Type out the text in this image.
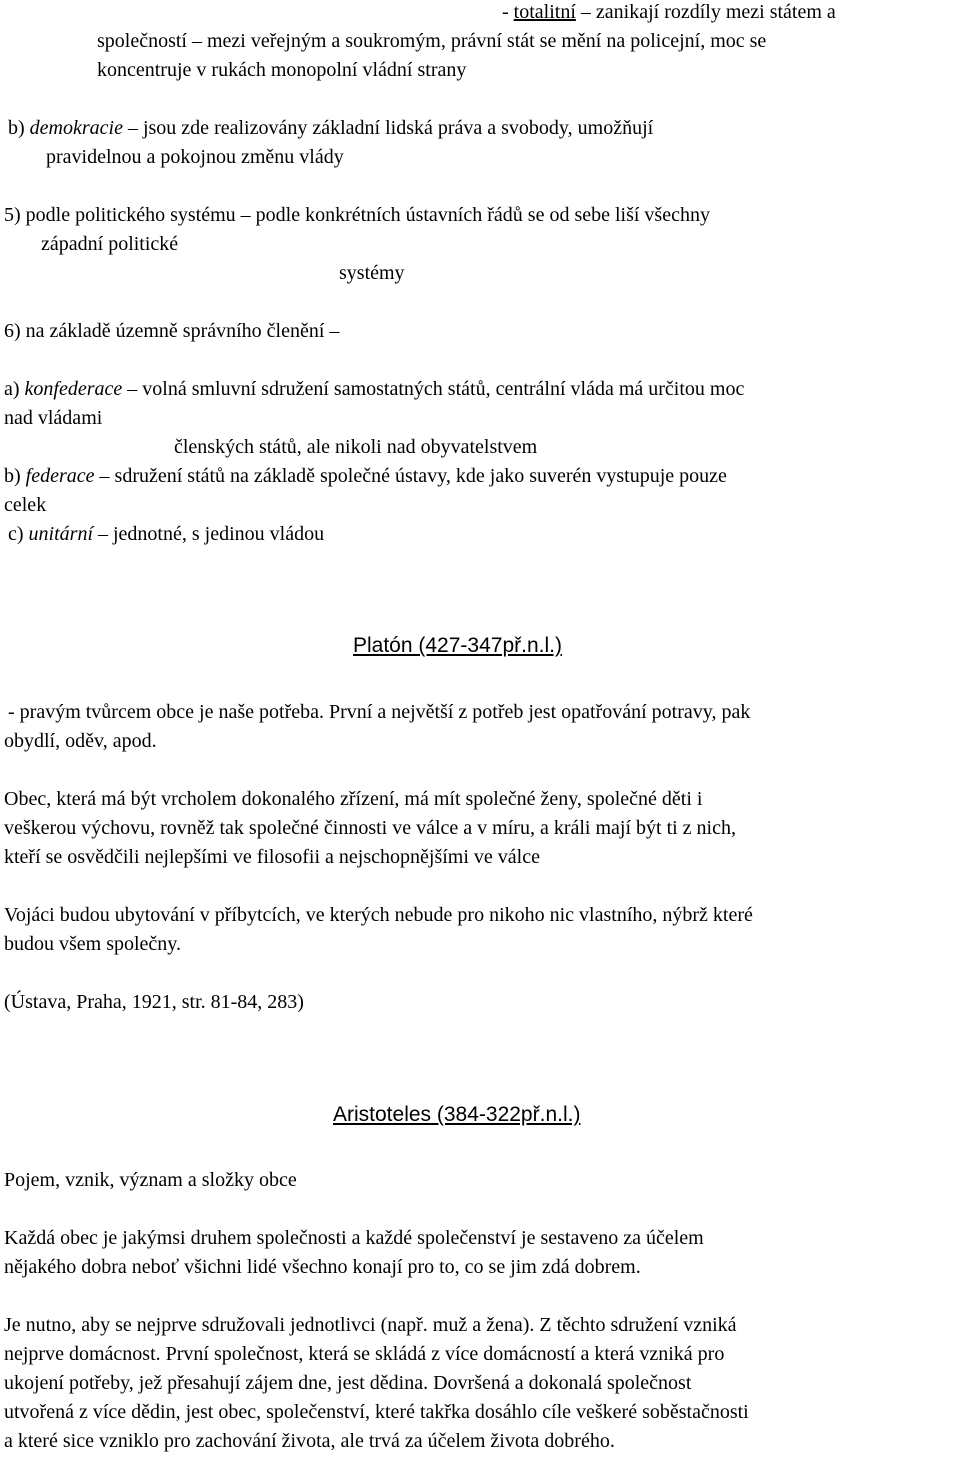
- totalitní – zanikají rozdíly mezi státem a
společností – mezi veřejným a soukromým, právní stát se mění na policejní, moc se
koncentruje v rukách monopolní vládní strany
b) demokracie – jsou zde realizovány základní lidská práva a svobody, umožňují
pravidelnou a pokojnou změnu vlády
5) podle politického systému – podle konkrétních ústavních řádů se od sebe liší všechny
západní politické
systémy
6) na základě územně správního členění –
a) konfederace – volná smluvní sdružení samostatných států, centrální vláda má určitou moc
nad vládami
členských států, ale nikoli nad obyvatelstvem
b) federace – sdružení států na základě společné ústavy, kde jako suverén vystupuje pouze
celek
c) unitární – jednotné, s jedinou vládou
Platón (427-347př.n.l.)
- pravým tvůrcem obce je naše potřeba. První a největší z potřeb jest opatřování potravy, pak
obydlí, oděv, apod.
Obec, která má být vrcholem dokonalého zřízení, má mít společné ženy, společné děti i
veškerou výchovu, rovněž tak společné činnosti ve válce a v míru, a králi mají být ti z nich,
kteří se osvědčili nejlepšími ve filosofii a nejschopnějšími ve válce
Vojáci budou ubytování v příbytcích, ve kterých nebude pro nikoho nic vlastního, nýbrž které
budou všem společny.
(Ústava, Praha, 1921, str. 81-84, 283)
Aristoteles (384-322př.n.l.)
Pojem, vznik, význam a složky obce
Každá obec je jakýmsi druhem společnosti a každé společenství je sestaveno za účelem
nějakého dobra neboť všichni lidé všechno konají pro to, co se jim zdá dobrem.
Je nutno, aby se nejprve sdružovali jednotlivci (např. muž a žena). Z těchto sdružení vzniká
nejprve domácnost. První společnost, která se skládá z více domácností a která vzniká pro
ukojení potřeby, jež přesahují zájem dne, jest dědina. Dovršená a dokonalá společnost
utvořená z více dědin, jest obec, společenství, které takřka dosáhlo cíle veškeré soběstačnosti
a které sice vzniklo pro zachování života, ale trvá za účelem života dobrého.
